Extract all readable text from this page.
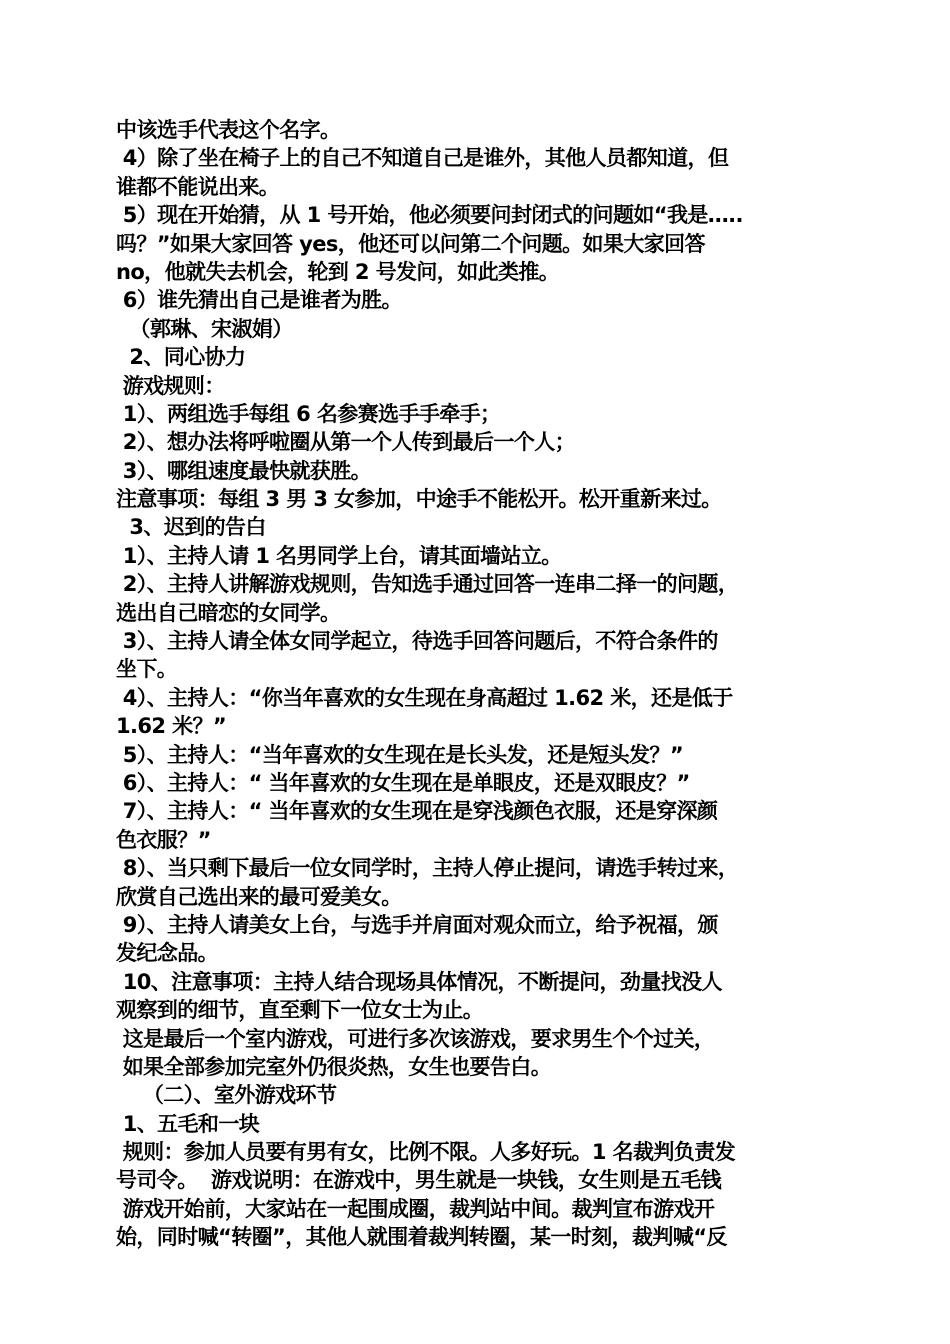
中该选手代表这个名字。
4）除了坐在椅子上的自己不知道自己是谁外，其他人员都知道，但
谁都不能说出来。
5）现在开始猜，从 1 号开始，他必须要问封闭式的问题如“我是…..
吗？”如果大家回答 yes，他还可以问第二个问题。如果大家回答
no，他就失去机会，轮到 2 号发问，如此类推。
6）谁先猜出自己是谁者为胜。
（郭琳、宋淑娟）
2、同心协力
游戏规则：
1）、两组选手每组 6 名参赛选手手牵手；
2）、想办法将呼啦圈从第一个人传到最后一个人；
3）、哪组速度最快就获胜。
注意事项：每组 3 男 3 女参加，中途手不能松开。松开重新来过。
3、迟到的告白
1）、主持人请 1 名男同学上台，请其面墙站立。
2）、主持人讲解游戏规则，告知选手通过回答一连串二择一的问题，
选出自己暗恋的女同学。
3）、主持人请全体女同学起立，待选手回答问题后，不符合条件的
坐下。
4）、主持人：“你当年喜欢的女生现在身高超过 1.62 米，还是低于
1.62 米？”
5）、主持人：“当年喜欢的女生现在是长头发，还是短头发？”
6）、主持人：“ 当年喜欢的女生现在是单眼皮，还是双眼皮？”
7）、主持人：“ 当年喜欢的女生现在是穿浅颜色衣服，还是穿深颜
色衣服？”
8）、当只剩下最后一位女同学时，主持人停止提问，请选手转过来，
欣赏自己选出来的最可爱美女。
9）、主持人请美女上台，与选手并肩面对观众而立，给予祝福，颁
发纪念品。
10、注意事项：主持人结合现场具体情况，不断提问，劲量找没人
观察到的细节，直至剩下一位女士为止。
这是最后一个室内游戏，可进行多次该游戏，要求男生个个过关，
如果全部参加完室外仍很炎热，女生也要告白。
（二）、室外游戏环节
1、五毛和一块
规则：参加人员要有男有女，比例不限。人多好玩。1 名裁判负责发
号司令。  游戏说明：在游戏中，男生就是一块钱，女生则是五毛钱
游戏开始前，大家站在一起围成圈，裁判站中间。裁判宣布游戏开
始，同时喊“转圈”，其他人就围着裁判转圈，某一时刻，裁判喊“反
